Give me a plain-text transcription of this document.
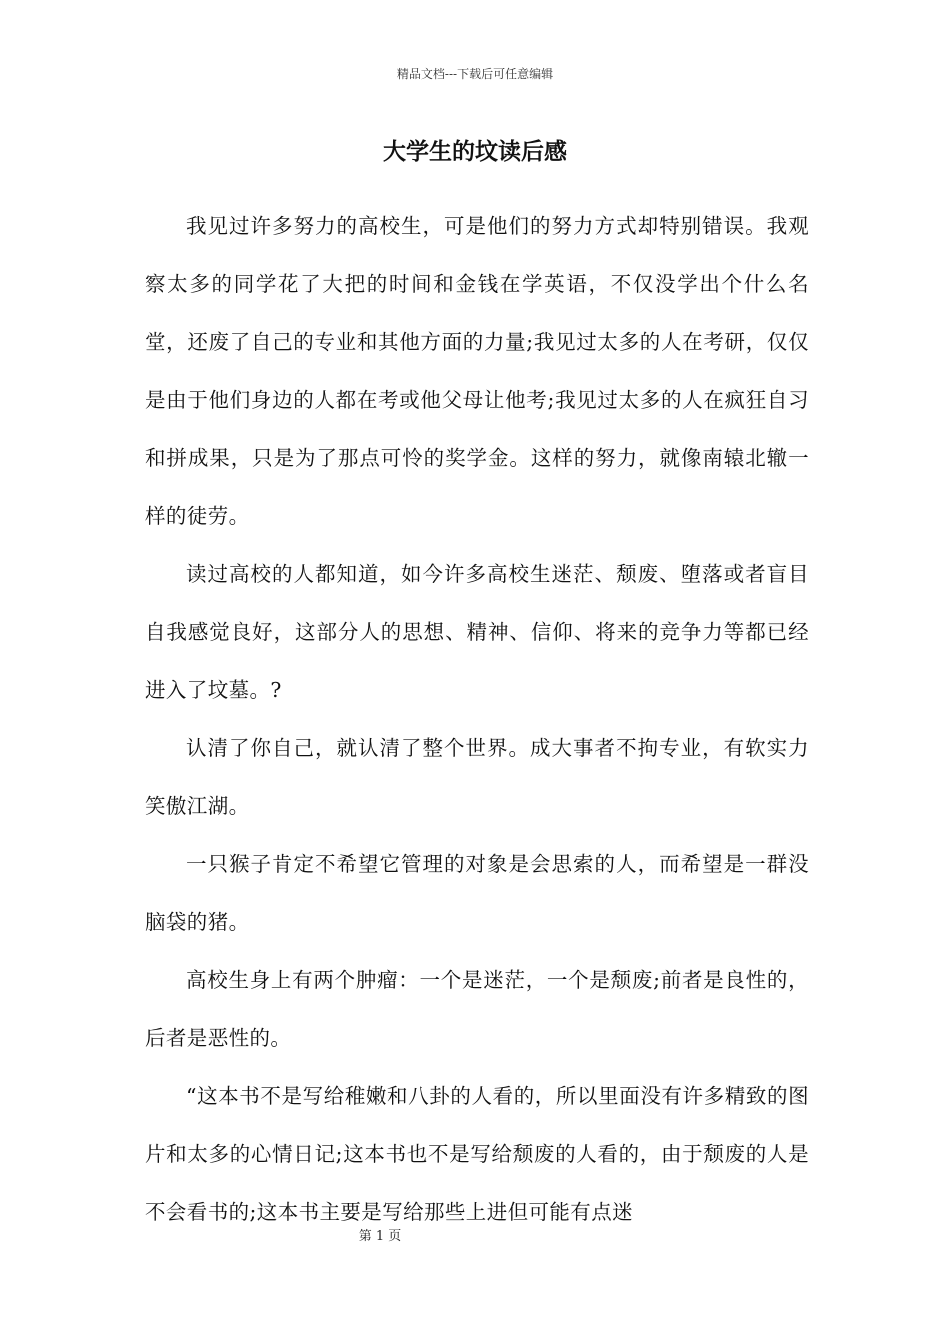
精品文档---下载后可任意编辑
大学生的坟读后感

我见过许多努力的高校生，可是他们的努力方式却特别错误。我观察太多的同学花了大把的时间和金钱在学英语，不仅没学出个什么名堂，还废了自己的专业和其他方面的力量;我见过太多的人在考研，仅仅是由于他们身边的人都在考或他父母让他考;我见过太多的人在疯狂自习和拼成果，只是为了那点可怜的奖学金。这样的努力，就像南辕北辙一样的徒劳。

读过高校的人都知道，如今许多高校生迷茫、颓废、堕落或者盲目自我感觉良好，这部分人的思想、精神、信仰、将来的竞争力等都已经进入了坟墓。?

认清了你自己，就认清了整个世界。成大事者不拘专业，有软实力笑傲江湖。

一只猴子肯定不希望它管理的对象是会思索的人，而希望是一群没脑袋的猪。

高校生身上有两个肿瘤：一个是迷茫，一个是颓废;前者是良性的，后者是恶性的。

“这本书不是写给稚嫩和八卦的人看的，所以里面没有许多精致的图片和太多的心情日记;这本书也不是写给颓废的人看的，由于颓废的人是不会看书的;这本书主要是写给那些上进但可能有点迷

第 1 页
